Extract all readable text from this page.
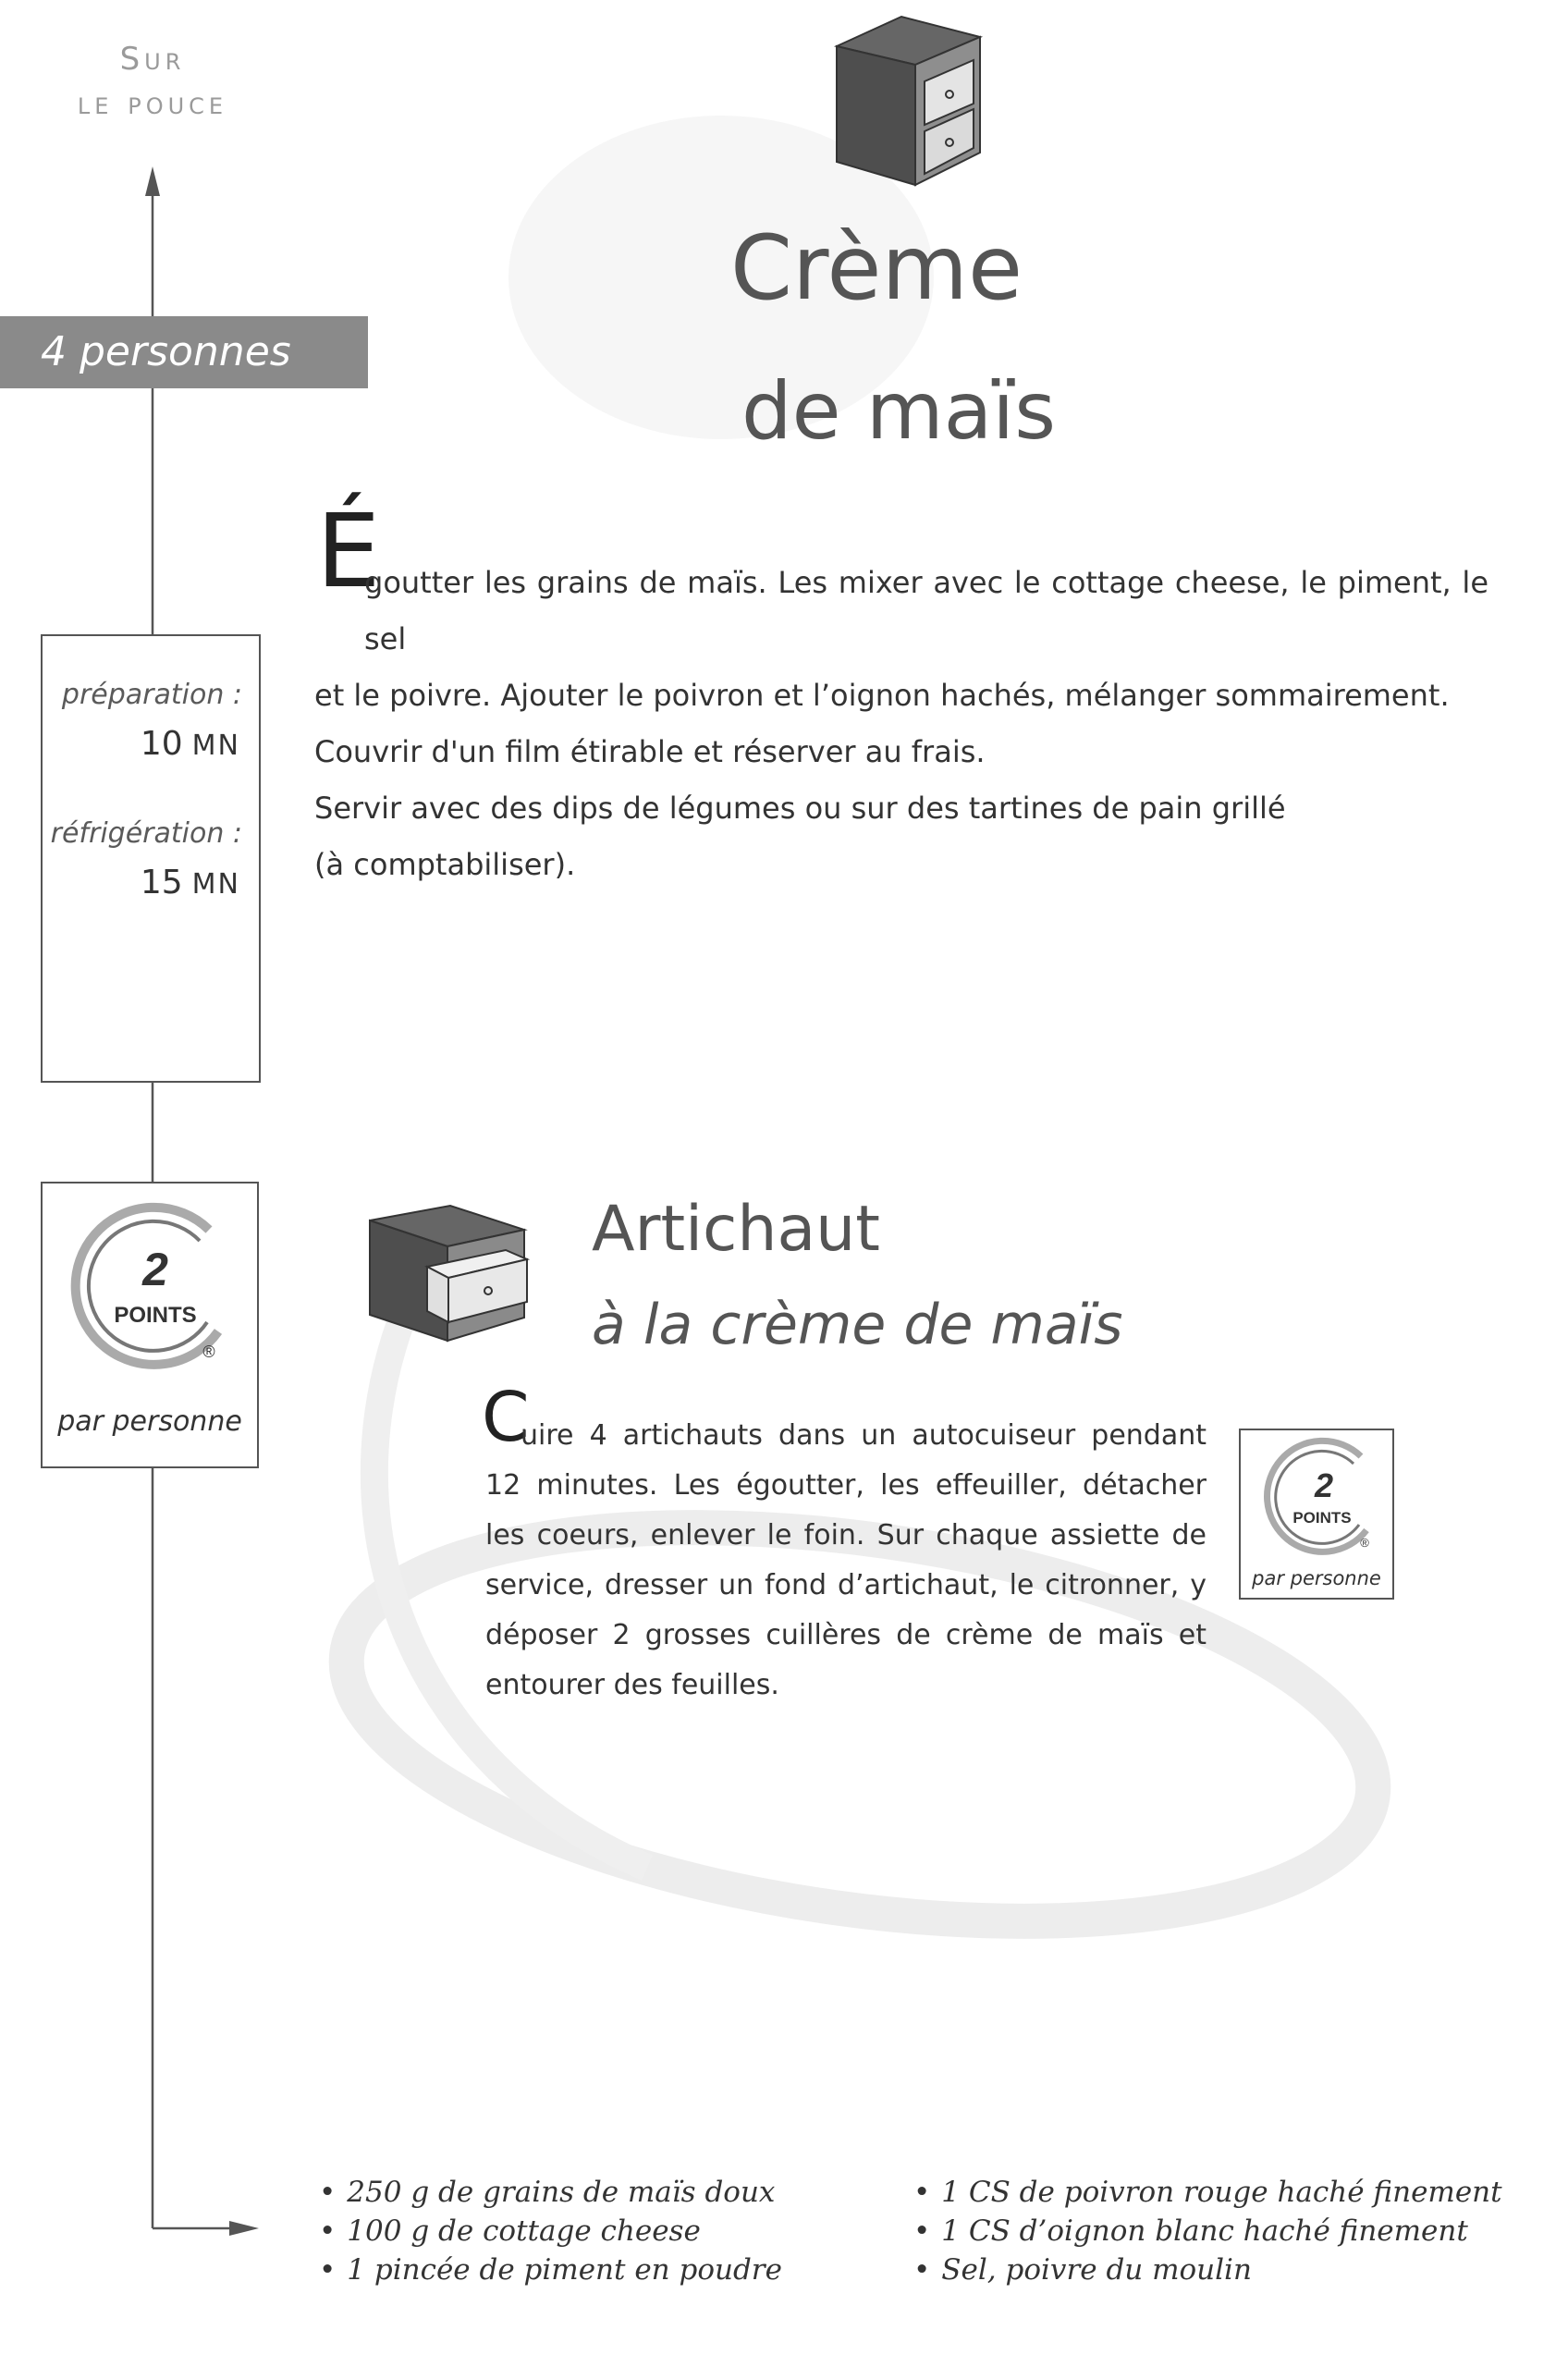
Sur
le pouce
4 personnes
préparation :
10 MN
réfrigération :
15 MN
2
POINTS
®
par personne
Crème
de maïs
É
goutter les grains de maïs. Les mixer avec le cottage cheese, le piment, le sel
et le poivre. Ajouter le poivron et l’oignon hachés, mélanger sommairement.
Couvrir d'un film étirable et réserver au frais.
Servir avec des dips de légumes ou sur des tartines de pain grillé
(à comptabiliser).
Artichaut
à la crème de maïs
C
uire 4 artichauts dans un autocuiseur pendant 12 minutes. Les égoutter, les effeuiller, détacher les coeurs, enlever le foin. Sur chaque assiette de service, dresser un fond d’artichaut, le citronner, y déposer 2 grosses cuillères de crème de maïs et entourer des feuilles.
2
POINTS
®
par personne
• 250 g de grains de maïs doux
• 100 g de cottage cheese
• 1 pincée de piment en poudre
• 1 CS de poivron rouge haché finement
• 1 CS d’oignon blanc haché finement
• Sel, poivre du moulin
